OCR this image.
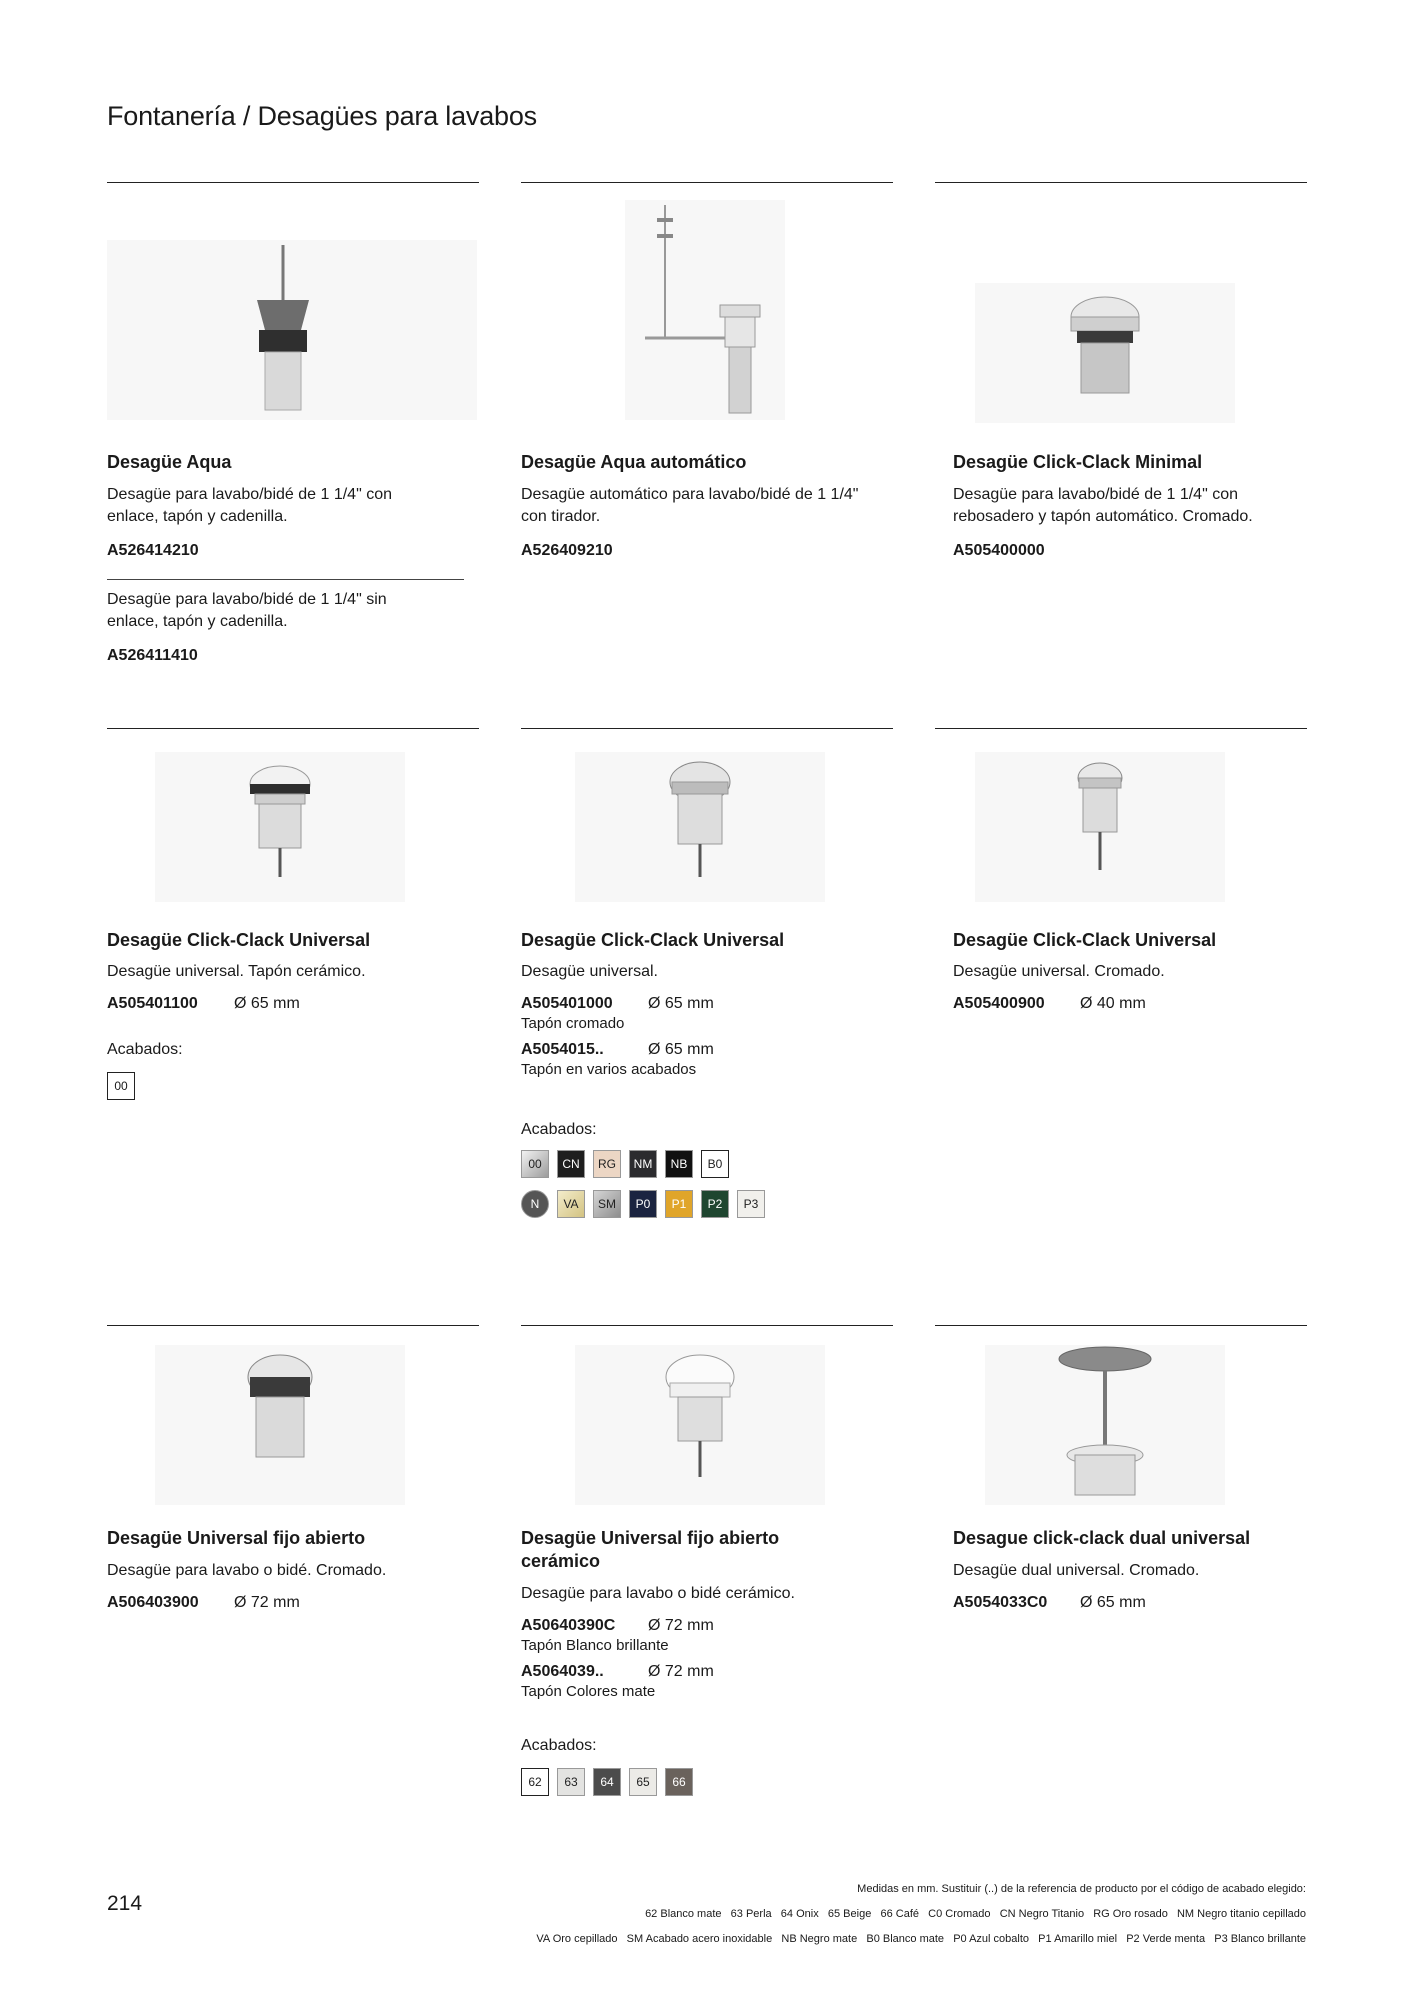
Fontanería / Desagües para lavabos
Desagüe Aqua
Desagüe para lavabo/bidé de 1 1/4" con enlace, tapón y cadenilla.
A526414210
Desagüe para lavabo/bidé de 1 1/4" sin enlace, tapón y cadenilla.
A526411410
Desagüe Aqua automático
Desagüe automático para lavabo/bidé de 1 1/4" con tirador.
A526409210
Desagüe Click-Clack Minimal
Desagüe para lavabo/bidé de 1 1/4" con rebosadero y tapón automático. Cromado.
A505400000
Desagüe Click-Clack Universal
Desagüe universal. Tapón cerámico.
A505401100 Ø 65 mm
Acabados:
00
Desagüe Click-Clack Universal
Desagüe universal.
A505401000 Ø 65 mm
Tapón cromado
A5054015..	Ø 65 mm
Tapón en varios acabados
Acabados:
00	CN	RG	NM	NB	B0
N	VA	SM	P0	P1	P2	P3
Desagüe Click-Clack Universal
Desagüe universal. Cromado.
A505400900 Ø 40 mm
Desagüe Universal fijo abierto
Desagüe para lavabo o bidé. Cromado.
A506403900 Ø 72 mm
Desagüe Universal fijo abierto cerámico
Desagüe para lavabo o bidé cerámico.
A50640390C Ø 72 mm
Tapón Blanco brillante
A5064039..	Ø 72 mm
Tapón Colores mate
Acabados:
62	63	64	65	66
Desague click-clack dual universal
Desagüe dual universal. Cromado.
A5054033C0 Ø 65 mm
214
Medidas en mm. Sustituir (..) de la referencia de producto por el código de acabado elegido:
62 Blanco mate   63 Perla   64 Onix   65 Beige   66 Café   C0 Cromado   CN Negro Titanio   RG Oro rosado   NM Negro titanio cepillado
VA Oro cepillado   SM Acabado acero inoxidable   NB Negro mate   B0 Blanco mate   P0 Azul cobalto   P1 Amarillo miel   P2 Verde menta   P3 Blanco brillante
